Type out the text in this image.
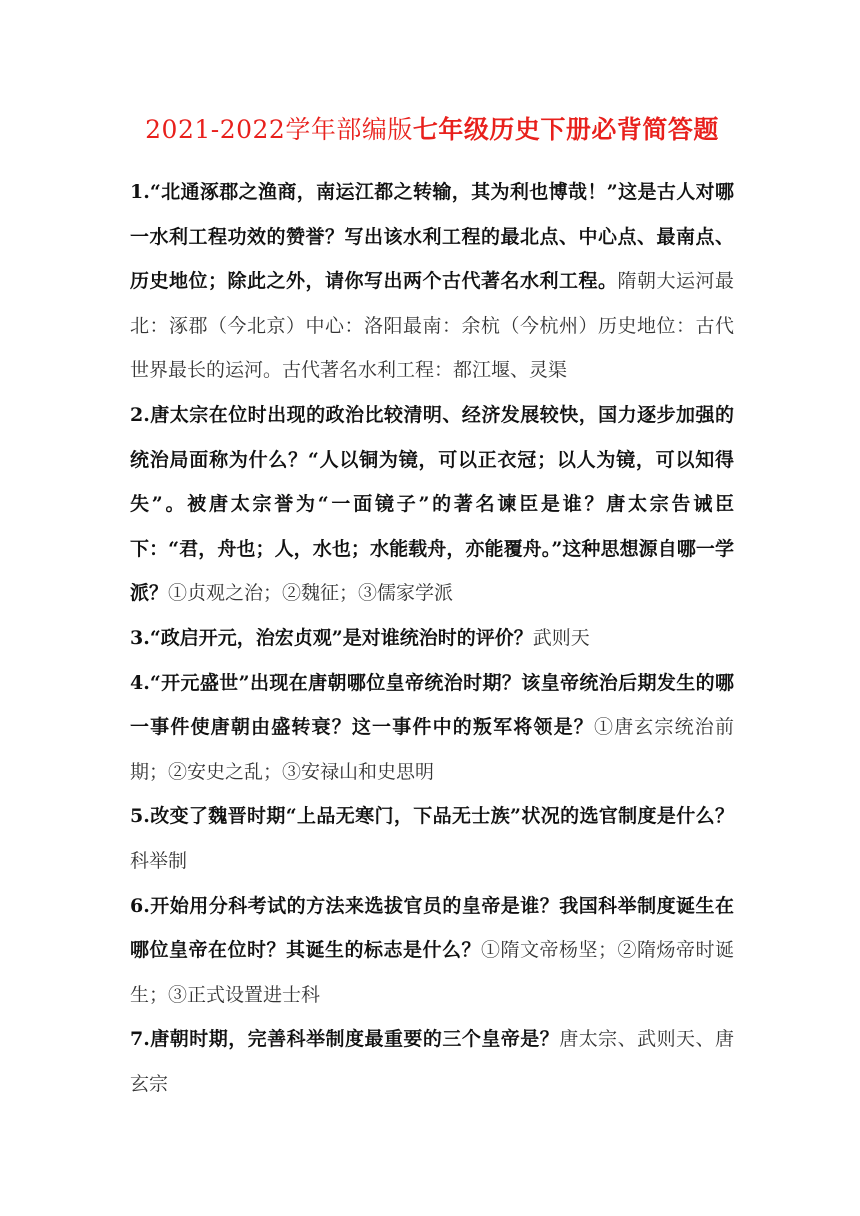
2021-2022学年部编版七年级历史下册必背简答题

1.“北通涿郡之渔商，南运江都之转输，其为利也博哉！”这是古人对哪一水利工程功效的赞誉？写出该水利工程的最北点、中心点、最南点、历史地位；除此之外，请你写出两个古代著名水利工程。隋朝大运河最北：涿郡（今北京）中心：洛阳最南：余杭（今杭州）历史地位：古代世界最长的运河。古代著名水利工程：都江堰、灵渠

2.唐太宗在位时出现的政治比较清明、经济发展较快，国力逐步加强的统治局面称为什么？“人以铜为镜，可以正衣冠；以人为镜，可以知得失”。被唐太宗誉为“一面镜子”的著名谏臣是谁？唐太宗告诫臣下：“君，舟也；人，水也；水能载舟，亦能覆舟。”这种思想源自哪一学派？①贞观之治；②魏征；③儒家学派

3.“政启开元，治宏贞观”是对谁统治时的评价？武则天

4.“开元盛世”出现在唐朝哪位皇帝统治时期？该皇帝统治后期发生的哪一事件使唐朝由盛转衰？这一事件中的叛军将领是？①唐玄宗统治前期；②安史之乱；③安禄山和史思明

5.改变了魏晋时期“上品无寒门，下品无士族”状况的选官制度是什么？科举制

6.开始用分科考试的方法来选拔官员的皇帝是谁？我国科举制度诞生在哪位皇帝在位时？其诞生的标志是什么？①隋文帝杨坚；②隋炀帝时诞生；③正式设置进士科

7.唐朝时期，完善科举制度最重要的三个皇帝是？唐太宗、武则天、唐玄宗
